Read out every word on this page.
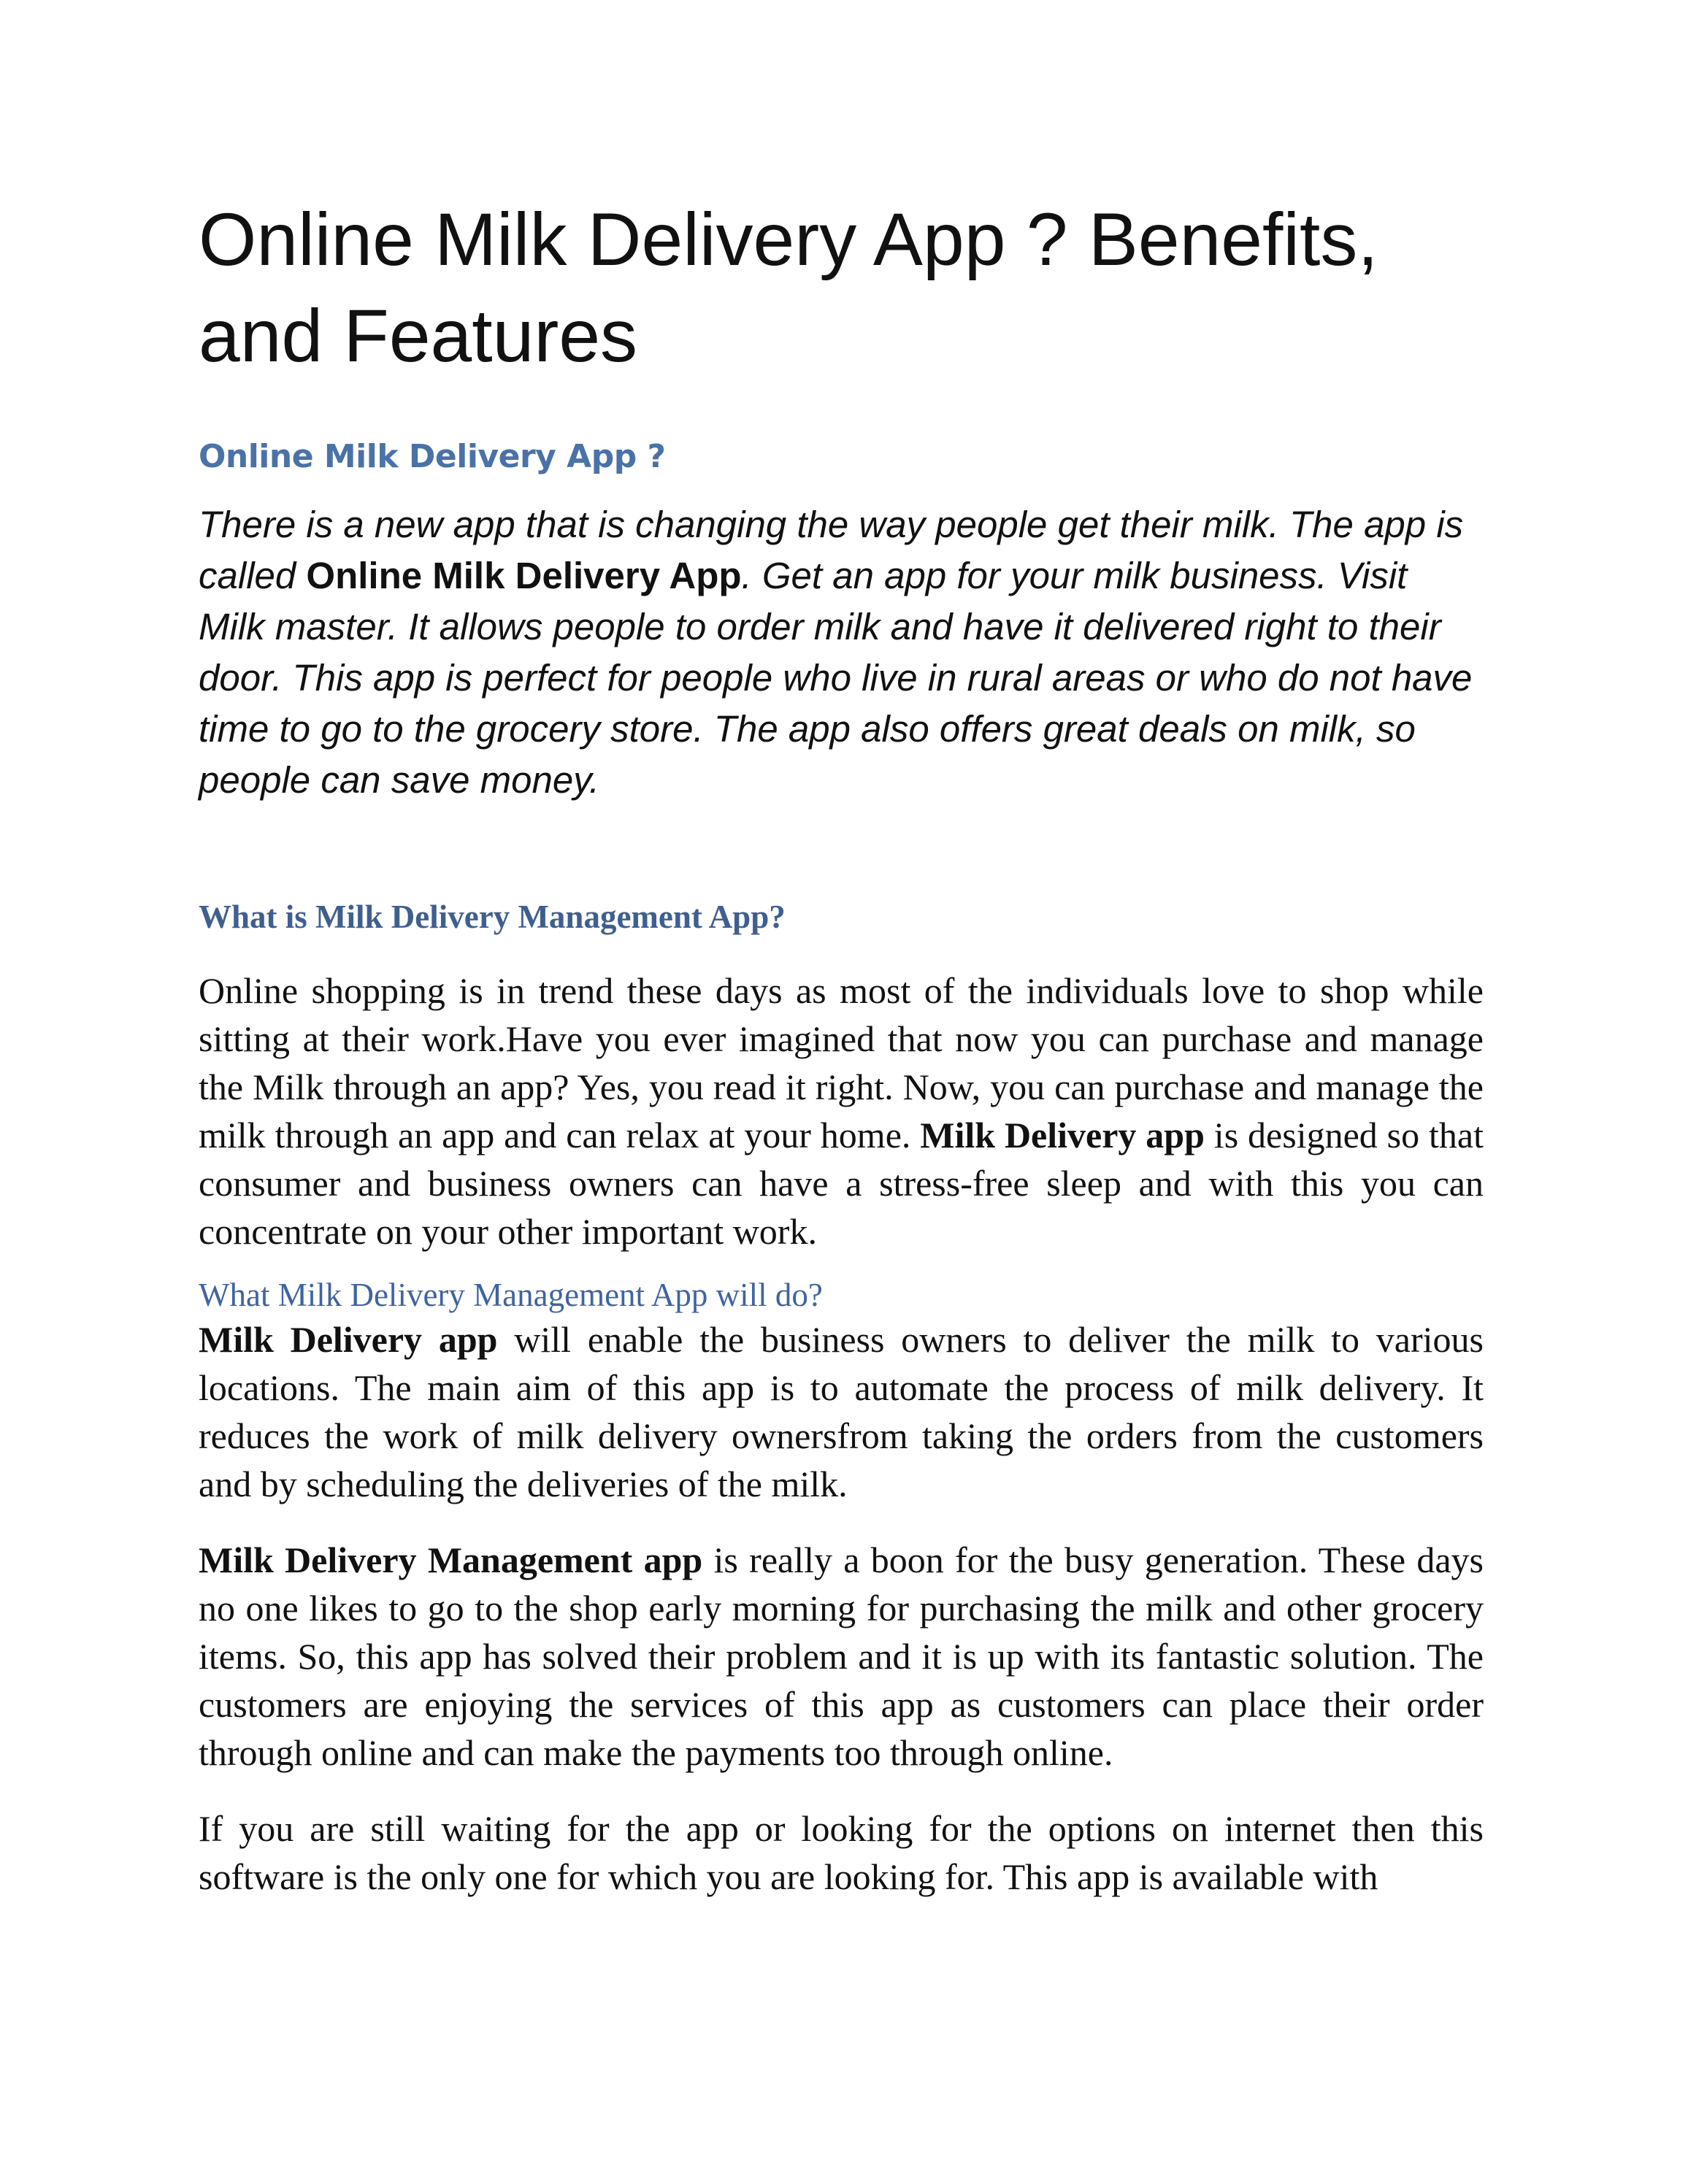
Online Milk Delivery App ? Benefits, and Features
Online Milk Delivery App ?

There is a new app that is changing the way people get their milk. The app is called Online Milk Delivery App. Get an app for your milk business. Visit Milk master. It allows people to order milk and have it delivered right to their door. This app is perfect for people who live in rural areas or who do not have time to go to the grocery store. The app also offers great deals on milk, so people can save money.

What is Milk Delivery Management App?

Online shopping is in trend these days as most of the individuals love to shop while sitting at their work.Have you ever imagined that now you can purchase and manage the Milk through an app? Yes, you read it right. Now, you can purchase and manage the milk through an app and can relax at your home. Milk Delivery app is designed so that consumer and business owners can have a stress-free sleep and with this you can concentrate on your other important work.

What Milk Delivery Management App will do?

Milk Delivery app will enable the business owners to deliver the milk to various locations. The main aim of this app is to automate the process of milk delivery. It reduces the work of milk delivery ownersfrom taking the orders from the customers and by scheduling the deliveries of the milk.

Milk Delivery Management app is really a boon for the busy generation. These days no one likes to go to the shop early morning for purchasing the milk and other grocery items. So, this app has solved their problem and it is up with its fantastic solution. The customers are enjoying the services of this app as customers can place their order through online and can make the payments too through online.

If you are still waiting for the app or looking for the options on internet then this software is the only one for which you are looking for. This app is available with
